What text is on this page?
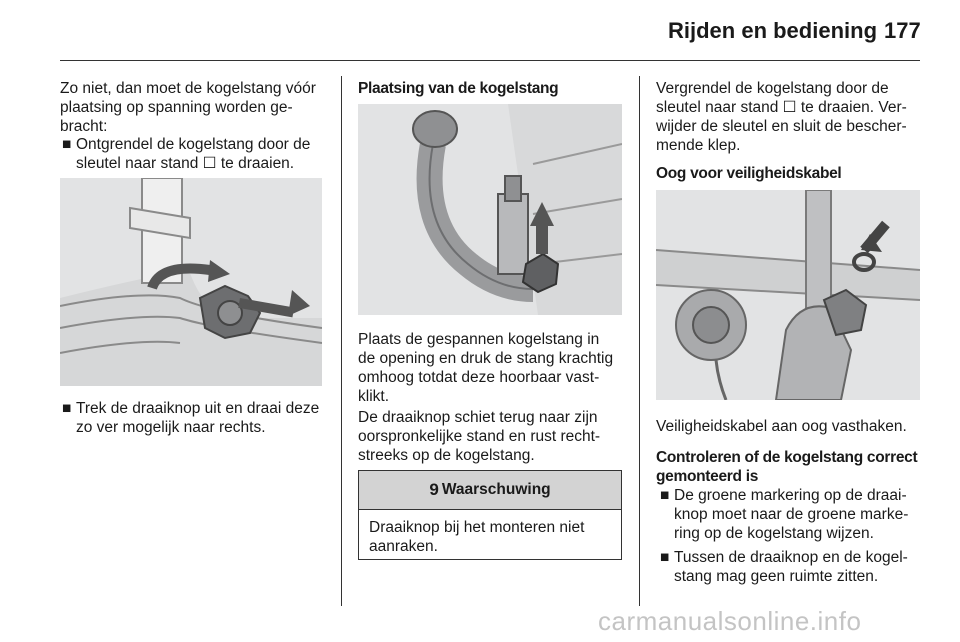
Rijden en bediening 177
Zo niet, dan moet de kogelstang vóór
plaatsing op spanning worden ge-
bracht:
■ Ontgrendel de kogelstang door de
sleutel naar stand ☐ te draaien.
■ Trek de draaiknop uit en draai deze
zo ver mogelijk naar rechts.
Plaatsing van de kogelstang
Plaats de gespannen kogelstang in
de opening en druk de stang krachtig
omhoog totdat deze hoorbaar vast-
klikt.
De draaiknop schiet terug naar zijn
oorspronkelijke stand en rust recht-
streeks op de kogelstang.
9 Waarschuwing
Draaiknop bij het monteren niet
aanraken.
Vergrendel de kogelstang door de
sleutel naar stand ☐ te draaien. Ver-
wijder de sleutel en sluit de bescher-
mende klep.
Oog voor veiligheidskabel
Veiligheidskabel aan oog vasthaken.
Controleren of de kogelstang correct
gemonteerd is
■ De groene markering op de draai-
knop moet naar de groene marke-
ring op de kogelstang wijzen.
■ Tussen de draaiknop en de kogel-
stang mag geen ruimte zitten.
carmanualsonline.info
